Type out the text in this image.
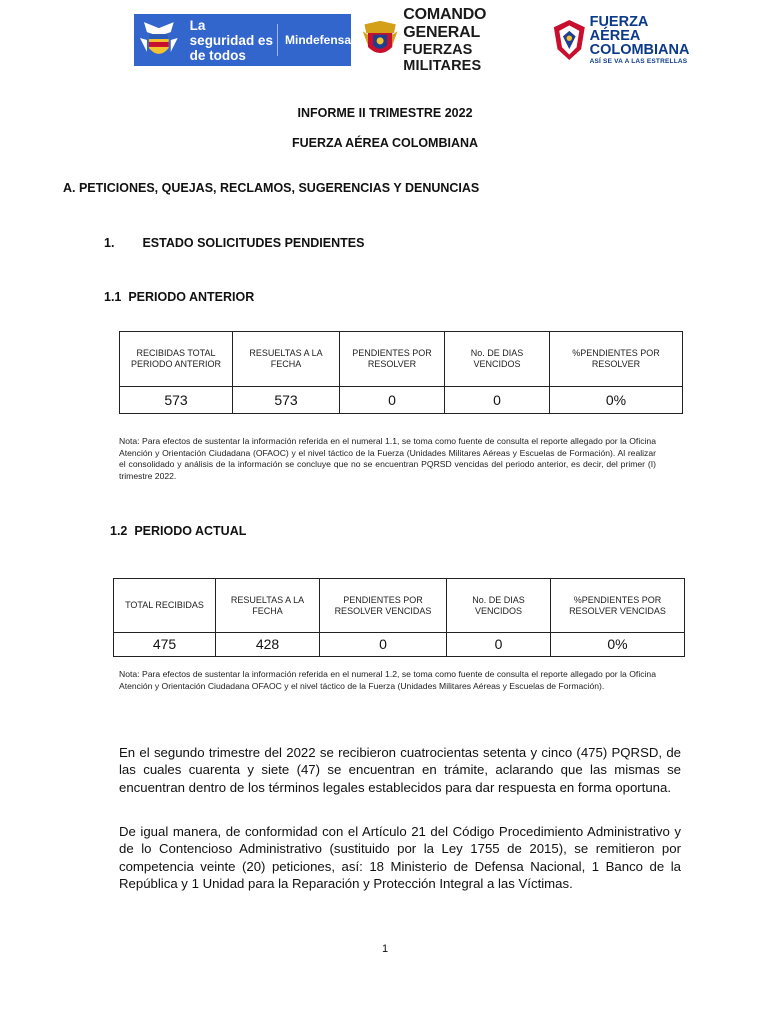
La seguridad es de todos
Mindefensa
COMANDO GENERAL
FUERZAS MILITARES
FUERZA AÉREA
COLOMBIANA
ASÍ SE VA A LAS ESTRELLAS
INFORME II TRIMESTRE 2022
FUERZA AÉREA COLOMBIANA
A. PETICIONES, QUEJAS, RECLAMOS, SUGERENCIAS Y DENUNCIAS
1. ESTADO SOLICITUDES PENDIENTES
1.1  PERIODO ANTERIOR
RECIBIDAS TOTAL PERIODO ANTERIOR	RESUELTAS A LA FECHA	PENDIENTES POR RESOLVER	No. DE DIAS VENCIDOS	%PENDIENTES POR RESOLVER
573	573	0	0	0%
Nota: Para efectos de sustentar la información referida en el numeral 1.1, se toma como fuente de consulta el reporte allegado por la Oficina Atención y Orientación Ciudadana (OFAOC) y el nivel táctico de la Fuerza (Unidades Militares Aéreas y Escuelas de Formación). Al realizar el consolidado y análisis de la información se concluye que no se encuentran PQRSD vencidas del periodo anterior, es decir, del primer (I) trimestre 2022.
1.2  PERIODO ACTUAL
TOTAL RECIBIDAS	RESUELTAS A LA FECHA	PENDIENTES POR RESOLVER VENCIDAS	No. DE DIAS VENCIDOS	%PENDIENTES POR RESOLVER VENCIDAS
475	428	0	0	0%
Nota: Para efectos de sustentar la información referida en el numeral 1.2, se toma como fuente de consulta el reporte allegado por la Oficina Atención y Orientación Ciudadana OFAOC y el nivel táctico de la Fuerza (Unidades Militares Aéreas y Escuelas de Formación).
En el segundo trimestre del 2022 se recibieron cuatrocientas setenta y cinco (475) PQRSD, de las cuales cuarenta y siete (47) se encuentran en trámite, aclarando que las mismas se encuentran dentro de los términos legales establecidos para dar respuesta en forma oportuna.
De igual manera, de conformidad con el Artículo 21 del Código Procedimiento Administrativo y de lo Contencioso Administrativo (sustituido por la Ley 1755 de 2015), se remitieron por competencia veinte (20) peticiones, así: 18 Ministerio de Defensa Nacional, 1 Banco de la República y 1 Unidad para la Reparación y Protección Integral a las Víctimas.
1
